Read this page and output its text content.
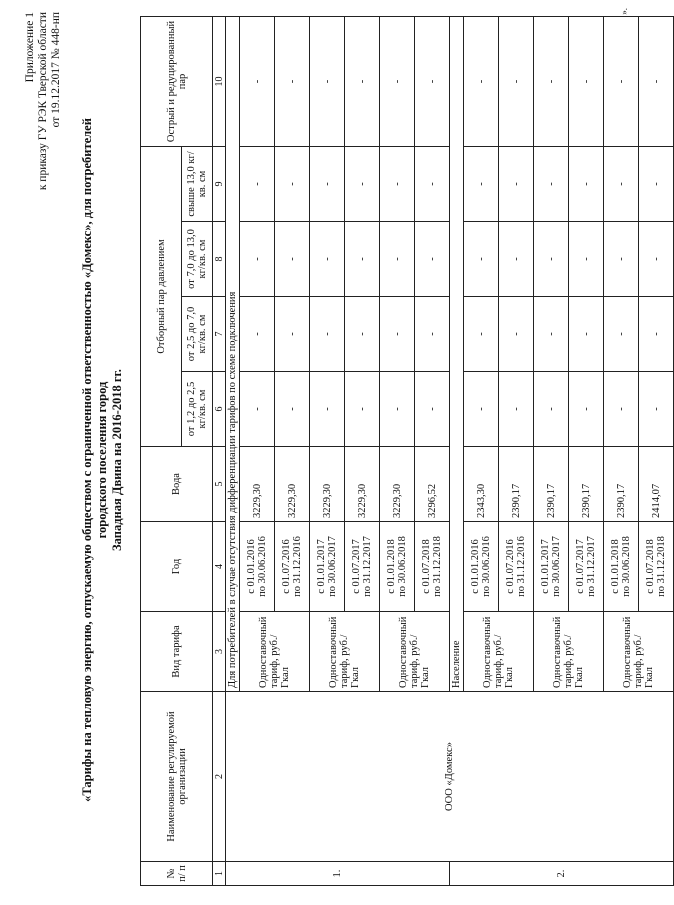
Приложение 1 к приказу ГУ РЭК Тверской области от 19.12.2017 № 448-нп
«Тарифы на тепловую энергию, отпускаемую обществом с ограниченной ответственностью «Домекс», для потребителей городского поселения город Западная Двина на 2016-2018 гг.
№ п/ п	Наименование регулируемой организации	Вид тарифа	Год	Вода	Отборный пар давлением				Острый и редуцированный пар
					от 1,2 до 2,5 кг/кв. см	от 2,5 до 7,0 кг/кв. см	от 7,0 до 13,0 кг/кв. см	свыше 13,0 кг/кв. см	
1	2	3	4	5	6	7	8	9	10
1.	ООО «Домекс»	Для потребителей в случае отсутствия дифференциации тарифов по схеме подключения							
		Одноставочный тариф, руб./Гкал	с 01.01.2016 по 30.06.2016	3229,30	-	-	-	-	-

			с 01.07.2016 по 31.12.2016	3229,30	-	-	-	-	-
		Одноставочный тариф, руб./Гкал	с 01.01.2017 по 30.06.2017	3229,30	-	-	-	-	-

			с 01.07.2017 по 31.12.2017	3229,30	-	-	-	-	-
		Одноставочный тариф, руб./Гкал	с 01.01.2018 по 30.06.2018	3229,30	-	-	-	-	-

			с 01.07.2018 по 31.12.2018	3296,52	-	-	-	-	-
2.		Население							
		Одноставочный тариф, руб./Гкал	с 01.01.2016 по 30.06.2016	2343,30	-	-	-	-	-

			с 01.07.2016 по 31.12.2016	2390,17	-	-	-	-	-
		Одноставочный тариф, руб./Гкал	с 01.01.2017 по 30.06.2017	2390,17	-	-	-	-	-

			с 01.07.2017 по 31.12.2017	2390,17	-	-	-	-	-
		Одноставочный тариф, руб./Гкал	с 01.01.2018 по 30.06.2018	2390,17	-	-	-	-	-

			с 01.07.2018 по 31.12.2018	2414,07	-	-	-	-	-
».
